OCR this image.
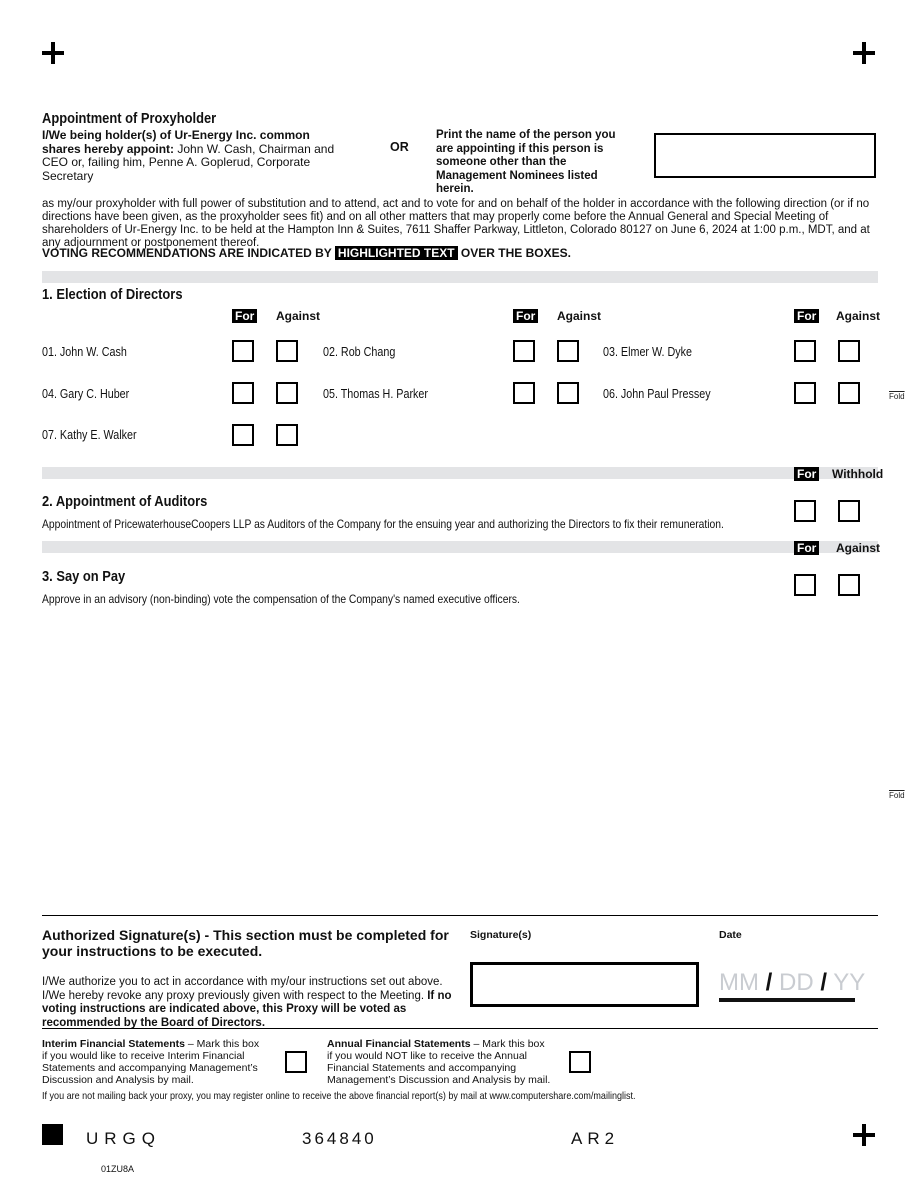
Appointment of Proxyholder
I/We being holder(s) of Ur-Energy Inc. common shares hereby appoint: John W. Cash, Chairman and CEO or, failing him, Penne A. Goplerud, Corporate Secretary
OR
Print the name of the person you are appointing if this person is someone other than the Management Nominees listed herein.
as my/our proxyholder with full power of substitution and to attend, act and to vote for and on behalf of the holder in accordance with the following direction (or if no directions have been given, as the proxyholder sees fit) and on all other matters that may properly come before the Annual General and Special Meeting of shareholders of Ur-Energy Inc. to be held at the Hampton Inn & Suites, 7611 Shaffer Parkway, Littleton, Colorado 80127 on June 6, 2024 at 1:00 p.m., MDT, and at any adjournment or postponement thereof.
VOTING RECOMMENDATIONS ARE INDICATED BY HIGHLIGHTED TEXT OVER THE BOXES.
1. Election of Directors
For Against	For Against	For Against
01. John W. Cash	02. Rob Chang	03. Elmer W. Dyke
04. Gary C. Huber	05. Thomas H. Parker	06. John Paul Pressey
07. Kathy E. Walker
Fold
For Withhold
2. Appointment of Auditors
Appointment of PricewaterhouseCoopers LLP as Auditors of the Company for the ensuing year and authorizing the Directors to fix their remuneration.
For Against
3. Say on Pay
Approve in an advisory (non-binding) vote the compensation of the Company's named executive officers.
Fold
Authorized Signature(s) - This section must be completed for your instructions to be executed.
I/We authorize you to act in accordance with my/our instructions set out above. I/We hereby revoke any proxy previously given with respect to the Meeting. If no voting instructions are indicated above, this Proxy will be voted as recommended by the Board of Directors.
Signature(s)	Date
MM / DD / YY
Interim Financial Statements – Mark this box if you would like to receive Interim Financial Statements and accompanying Management’s Discussion and Analysis by mail.
Annual Financial Statements – Mark this box if you would NOT like to receive the Annual Financial Statements and accompanying Management’s Discussion and Analysis by mail.
If you are not mailing back your proxy, you may register online to receive the above financial report(s) by mail at www.computershare.com/mailinglist.
URGQ	364840	AR2
01ZU8A
